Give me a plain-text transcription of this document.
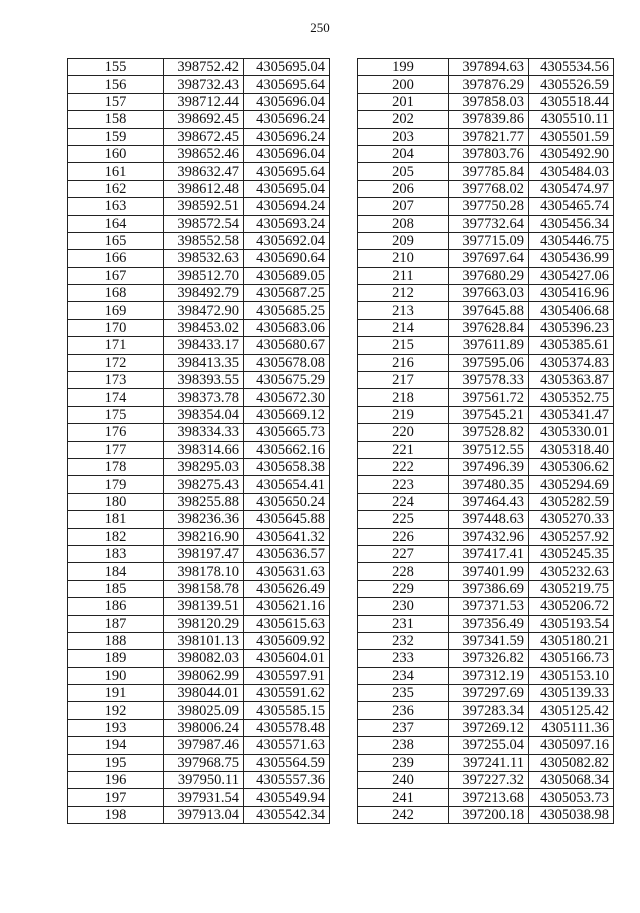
250
155	398752.42	4305695.04
156	398732.43	4305695.64
157	398712.44	4305696.04
158	398692.45	4305696.24
159	398672.45	4305696.24
160	398652.46	4305696.04
161	398632.47	4305695.64
162	398612.48	4305695.04
163	398592.51	4305694.24
164	398572.54	4305693.24
165	398552.58	4305692.04
166	398532.63	4305690.64
167	398512.70	4305689.05
168	398492.79	4305687.25
169	398472.90	4305685.25
170	398453.02	4305683.06
171	398433.17	4305680.67
172	398413.35	4305678.08
173	398393.55	4305675.29
174	398373.78	4305672.30
175	398354.04	4305669.12
176	398334.33	4305665.73
177	398314.66	4305662.16
178	398295.03	4305658.38
179	398275.43	4305654.41
180	398255.88	4305650.24
181	398236.36	4305645.88
182	398216.90	4305641.32
183	398197.47	4305636.57
184	398178.10	4305631.63
185	398158.78	4305626.49
186	398139.51	4305621.16
187	398120.29	4305615.63
188	398101.13	4305609.92
189	398082.03	4305604.01
190	398062.99	4305597.91
191	398044.01	4305591.62
192	398025.09	4305585.15
193	398006.24	4305578.48
194	397987.46	4305571.63
195	397968.75	4305564.59
196	397950.11	4305557.36
197	397931.54	4305549.94
198	397913.04	4305542.34
199	397894.63	4305534.56
200	397876.29	4305526.59
201	397858.03	4305518.44
202	397839.86	4305510.11
203	397821.77	4305501.59
204	397803.76	4305492.90
205	397785.84	4305484.03
206	397768.02	4305474.97
207	397750.28	4305465.74
208	397732.64	4305456.34
209	397715.09	4305446.75
210	397697.64	4305436.99
211	397680.29	4305427.06
212	397663.03	4305416.96
213	397645.88	4305406.68
214	397628.84	4305396.23
215	397611.89	4305385.61
216	397595.06	4305374.83
217	397578.33	4305363.87
218	397561.72	4305352.75
219	397545.21	4305341.47
220	397528.82	4305330.01
221	397512.55	4305318.40
222	397496.39	4305306.62
223	397480.35	4305294.69
224	397464.43	4305282.59
225	397448.63	4305270.33
226	397432.96	4305257.92
227	397417.41	4305245.35
228	397401.99	4305232.63
229	397386.69	4305219.75
230	397371.53	4305206.72
231	397356.49	4305193.54
232	397341.59	4305180.21
233	397326.82	4305166.73
234	397312.19	4305153.10
235	397297.69	4305139.33
236	397283.34	4305125.42
237	397269.12	4305111.36
238	397255.04	4305097.16
239	397241.11	4305082.82
240	397227.32	4305068.34
241	397213.68	4305053.73
242	397200.18	4305038.98
